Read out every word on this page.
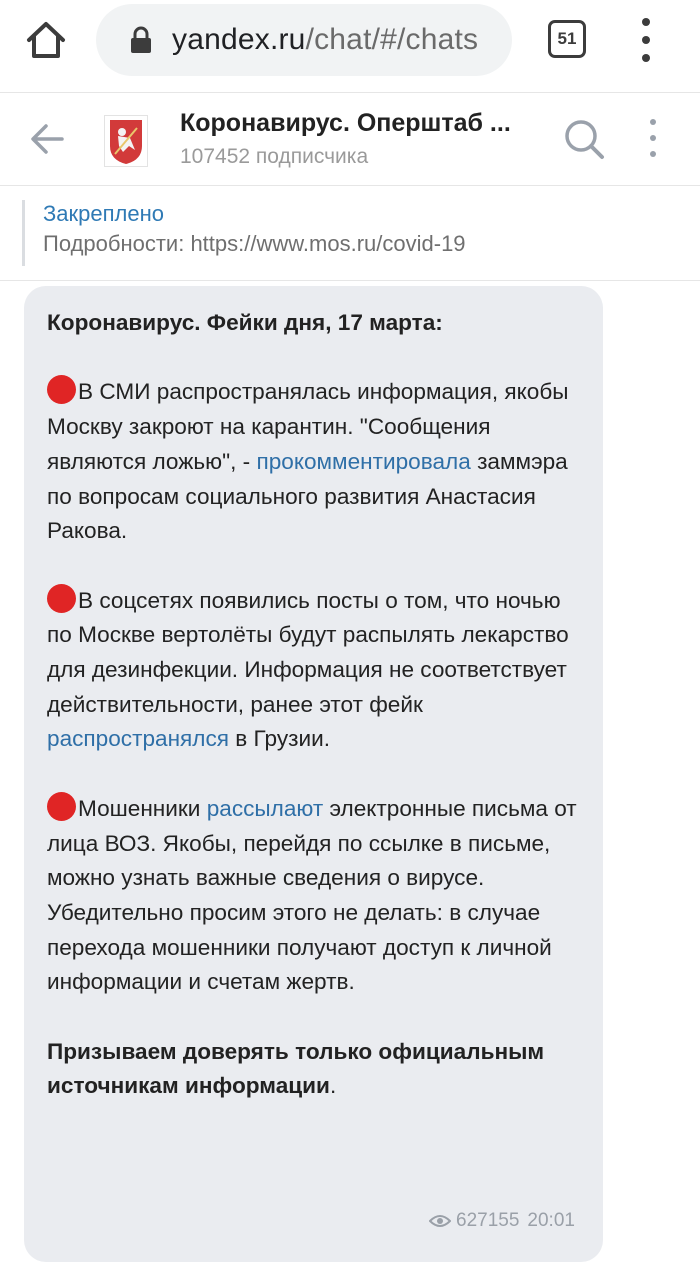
yandex.ru/chat/#/chats	51
Коронавирус. Оперштаб ...
107452 подписчика
Закреплено
Подробности: https://www.mos.ru/covid-19

Коронавирус. Фейки дня, 17 марта:

В СМИ распространялась информация, якобы Москву закроют на карантин. "Сообщения являются ложью", - прокомментировала заммэра по вопросам социального развития Анастасия Ракова.

В соцсетях появились посты о том, что ночью по Москве вертолёты будут распылять лекарство для дезинфекции. Информация не соответствует действительности, ранее этот фейк распространялся в Грузии.

Мошенники рассылают электронные письма от лица ВОЗ. Якобы, перейдя по ссылке в письме, можно узнать важные сведения о вирусе. Убедительно просим этого не делать: в случае перехода мошенники получают доступ к личной информации и счетам жертв.

Призываем доверять только официальным источникам информации.

627155 20:01
